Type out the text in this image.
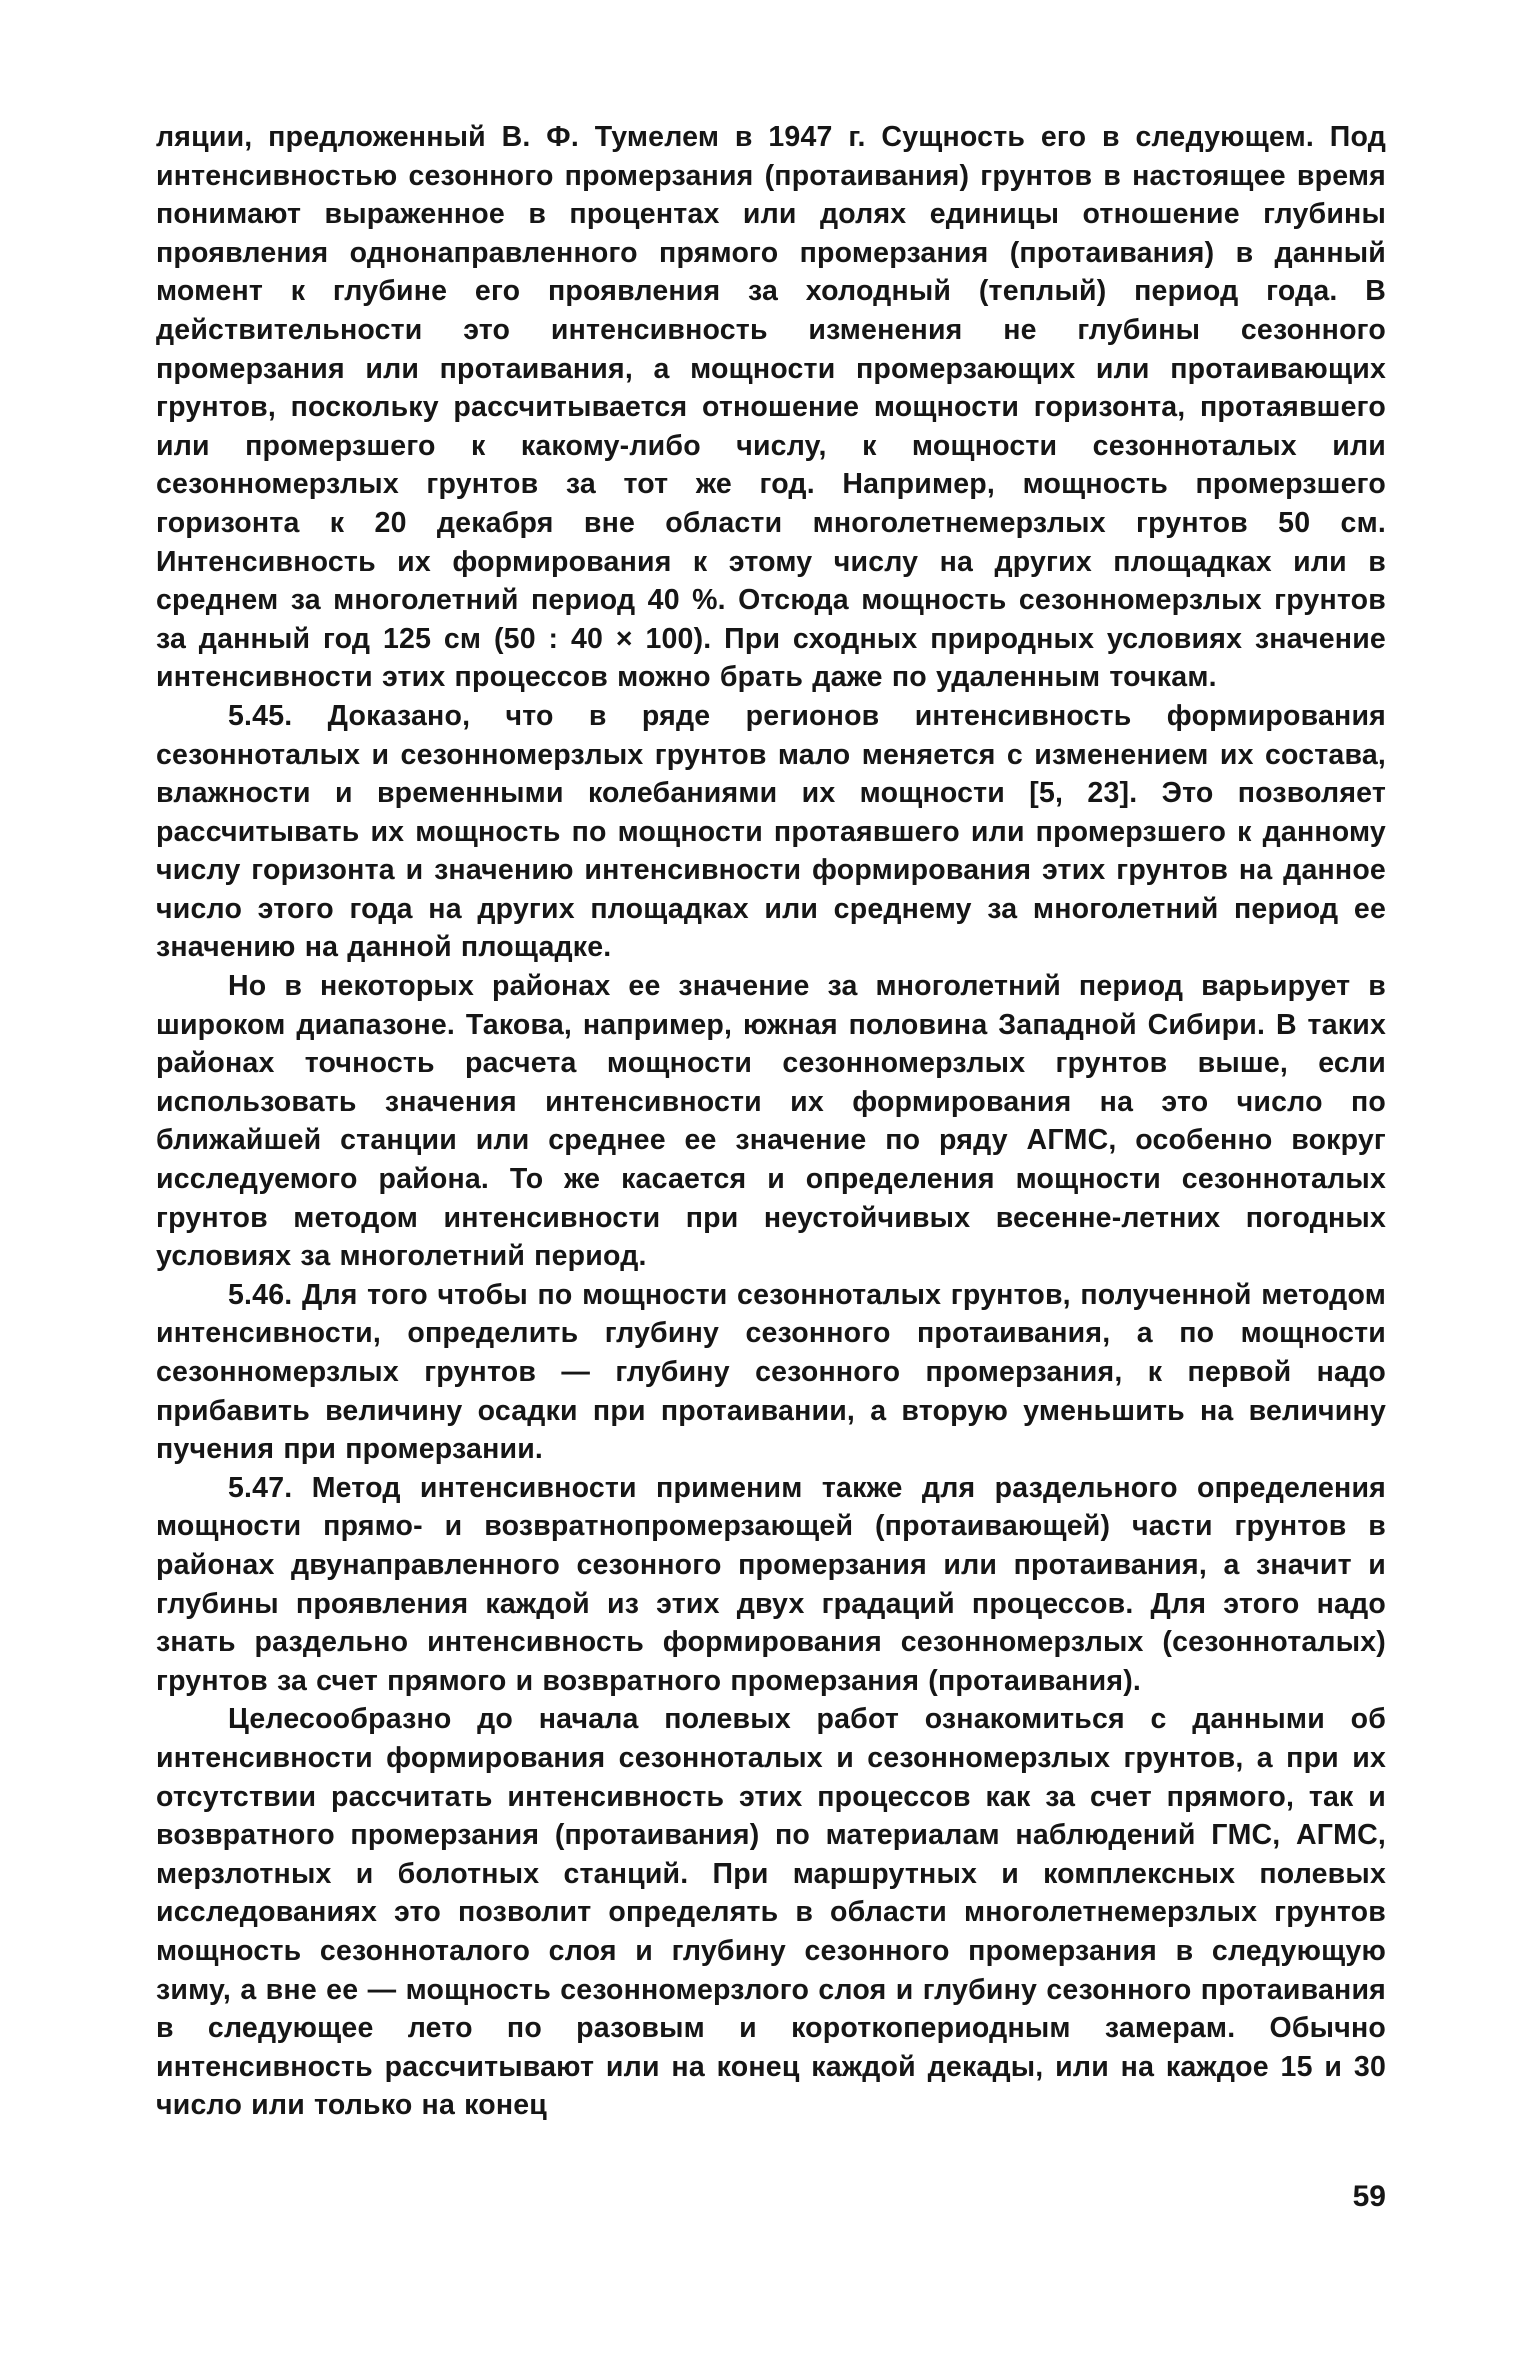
ляции, предложенный В. Ф. Тумелем в 1947 г. Сущность его в следующем. Под интенсивностью сезонного промерзания (протаивания) грунтов в настоящее время понимают выраженное в процентах или долях единицы отношение глубины проявления однонаправленного прямого промерзания (протаивания) в данный момент к глубине его проявления за холодный (теплый) период года. В действительности это интенсивность изменения не глубины сезонного промерзания или протаивания, а мощности промерзающих или протаивающих грунтов, поскольку рассчитывается отношение мощности горизонта, протаявшего или промерзшего к какому-либо числу, к мощности сезонноталых или сезонномерзлых грунтов за тот же год. Например, мощность промерзшего горизонта к 20 декабря вне области многолетнемерзлых грунтов 50 см. Интенсивность их формирования к этому числу на других площадках или в среднем за многолетний период 40 %. Отсюда мощность сезонномерзлых грунтов за данный год 125 см (50 : 40 × 100). При сходных природных условиях значение интенсивности этих процессов можно брать даже по удаленным точкам.

5.45. Доказано, что в ряде регионов интенсивность формирования сезонноталых и сезонномерзлых грунтов мало меняется с изменением их состава, влажности и временными колебаниями их мощности [5, 23]. Это позволяет рассчитывать их мощность по мощности протаявшего или промерзшего к данному числу горизонта и значению интенсивности формирования этих грунтов на данное число этого года на других площадках или среднему за многолетний период ее значению на данной площадке.

Но в некоторых районах ее значение за многолетний период варьирует в широком диапазоне. Такова, например, южная половина Западной Сибири. В таких районах точность расчета мощности сезонномерзлых грунтов выше, если использовать значения интенсивности их формирования на это число по ближайшей станции или среднее ее значение по ряду АГМС, особенно вокруг исследуемого района. То же касается и определения мощности сезонноталых грунтов методом интенсивности при неустойчивых весенне-летних погодных условиях за многолетний период.

5.46. Для того чтобы по мощности сезонноталых грунтов, полученной методом интенсивности, определить глубину сезонного протаивания, а по мощности сезонномерзлых грунтов — глубину сезонного промерзания, к первой надо прибавить величину осадки при протаивании, а вторую уменьшить на величину пучения при промерзании.

5.47. Метод интенсивности применим также для раздельного определения мощности прямо- и возвратнопромерзающей (протаивающей) части грунтов в районах двунаправленного сезонного промерзания или протаивания, а значит и глубины проявления каждой из этих двух градаций процессов. Для этого надо знать раздельно интенсивность формирования сезонномерзлых (сезонноталых) грунтов за счет прямого и возвратного промерзания (протаивания).

Целесообразно до начала полевых работ ознакомиться с данными об интенсивности формирования сезонноталых и сезонномерзлых грунтов, а при их отсутствии рассчитать интенсивность этих процессов как за счет прямого, так и возвратного промерзания (протаивания) по материалам наблюдений ГМС, АГМС, мерзлотных и болотных станций. При маршрутных и комплексных полевых исследованиях это позволит определять в области многолетнемерзлых грунтов мощность сезонноталого слоя и глубину сезонного промерзания в следующую зиму, а вне ее — мощность сезонномерзлого слоя и глубину сезонного протаивания в следующее лето по разовым и короткопериодным замерам. Обычно интенсивность рассчитывают или на конец каждой декады, или на каждое 15 и 30 число или только на конец

59
